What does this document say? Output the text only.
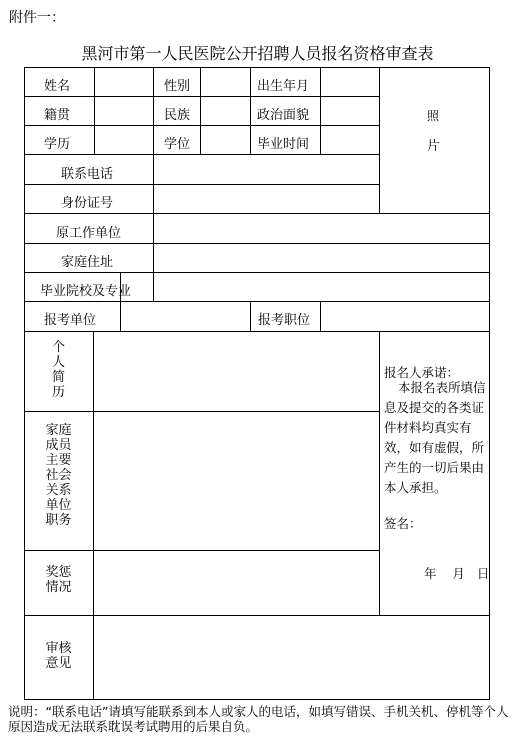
附件一：
黑河市第一人民医院公开招聘人员报名资格审查表
姓名	性别	出生年月
籍贯	民族	政治面貌
学历	学位	毕业时间
照
片
联系电话
身份证号
原工作单位
家庭住址
毕业院校及专业
报考单位	报考职位
个
人
简
历
家庭
成员
主要
社会
关系
单位
职务
奖惩
情况
审核
意见
报名人承诺：
本报名表所填信息及提交的各类证件材料均真实有效，如有虚假，所产生的一切后果由本人承担。
签名：
年    月   日
说明：“联系电话”请填写能联系到本人或家人的电话，如填写错误、手机关机、停机等个人原因造成无法联系耽误考试聘用的后果自负。
